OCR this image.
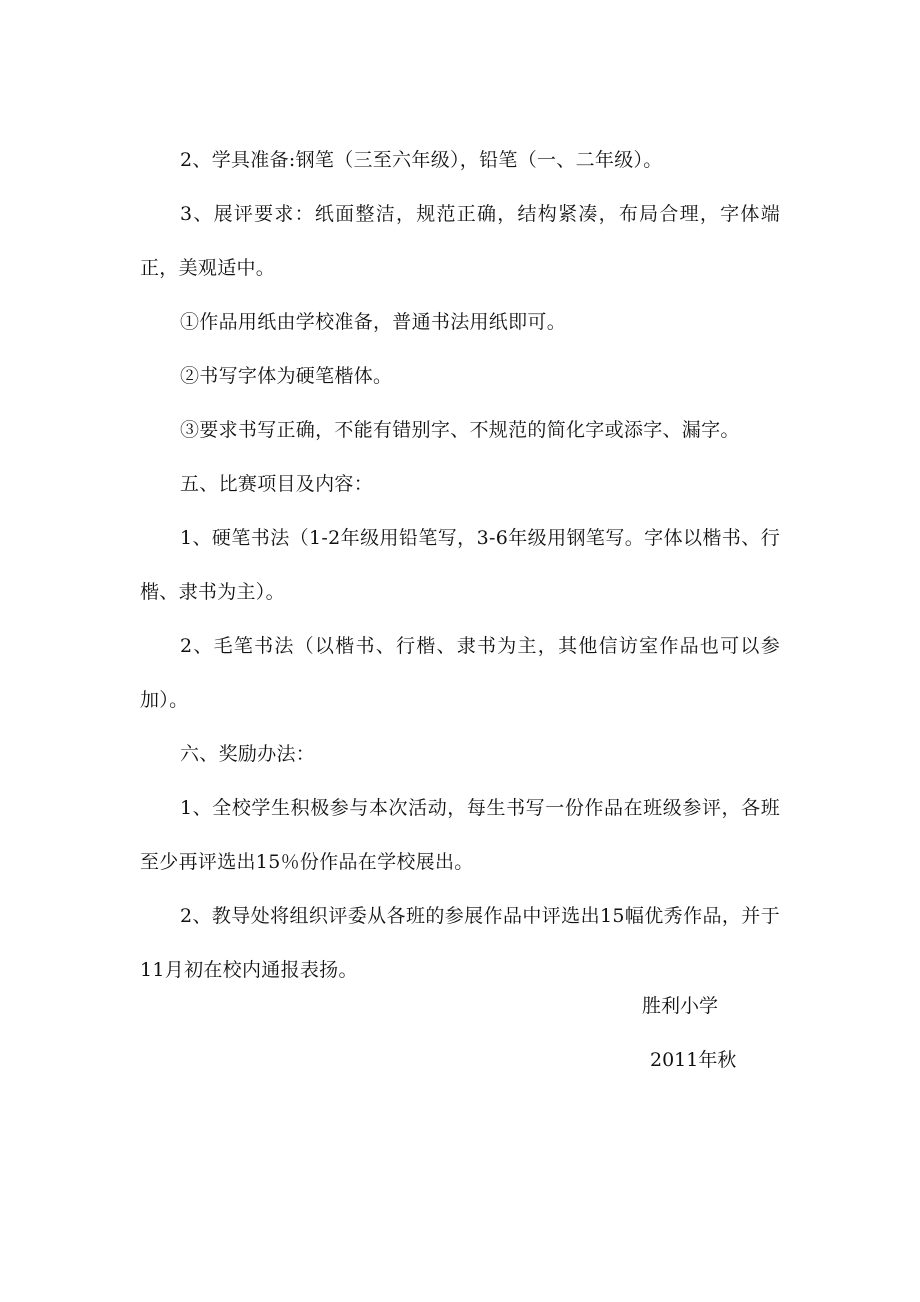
2、学具准备:钢笔（三至六年级），铅笔（一、二年级）。

3、展评要求：纸面整洁，规范正确，结构紧凑，布局合理，字体端正，美观适中。

①作品用纸由学校准备，普通书法用纸即可。

②书写字体为硬笔楷体。

③要求书写正确，不能有错别字、不规范的简化字或添字、漏字。

五、比赛项目及内容：

1、硬笔书法（1-2年级用铅笔写，3-6年级用钢笔写。字体以楷书、行楷、隶书为主）。

2、毛笔书法（以楷书、行楷、隶书为主，其他信访室作品也可以参加）。

六、奖励办法：

1、全校学生积极参与本次活动，每生书写一份作品在班级参评，各班至少再评选出15％份作品在学校展出。

2、教导处将组织评委从各班的参展作品中评选出15幅优秀作品，并于11月初在校内通报表扬。

胜利小学
2011年秋
